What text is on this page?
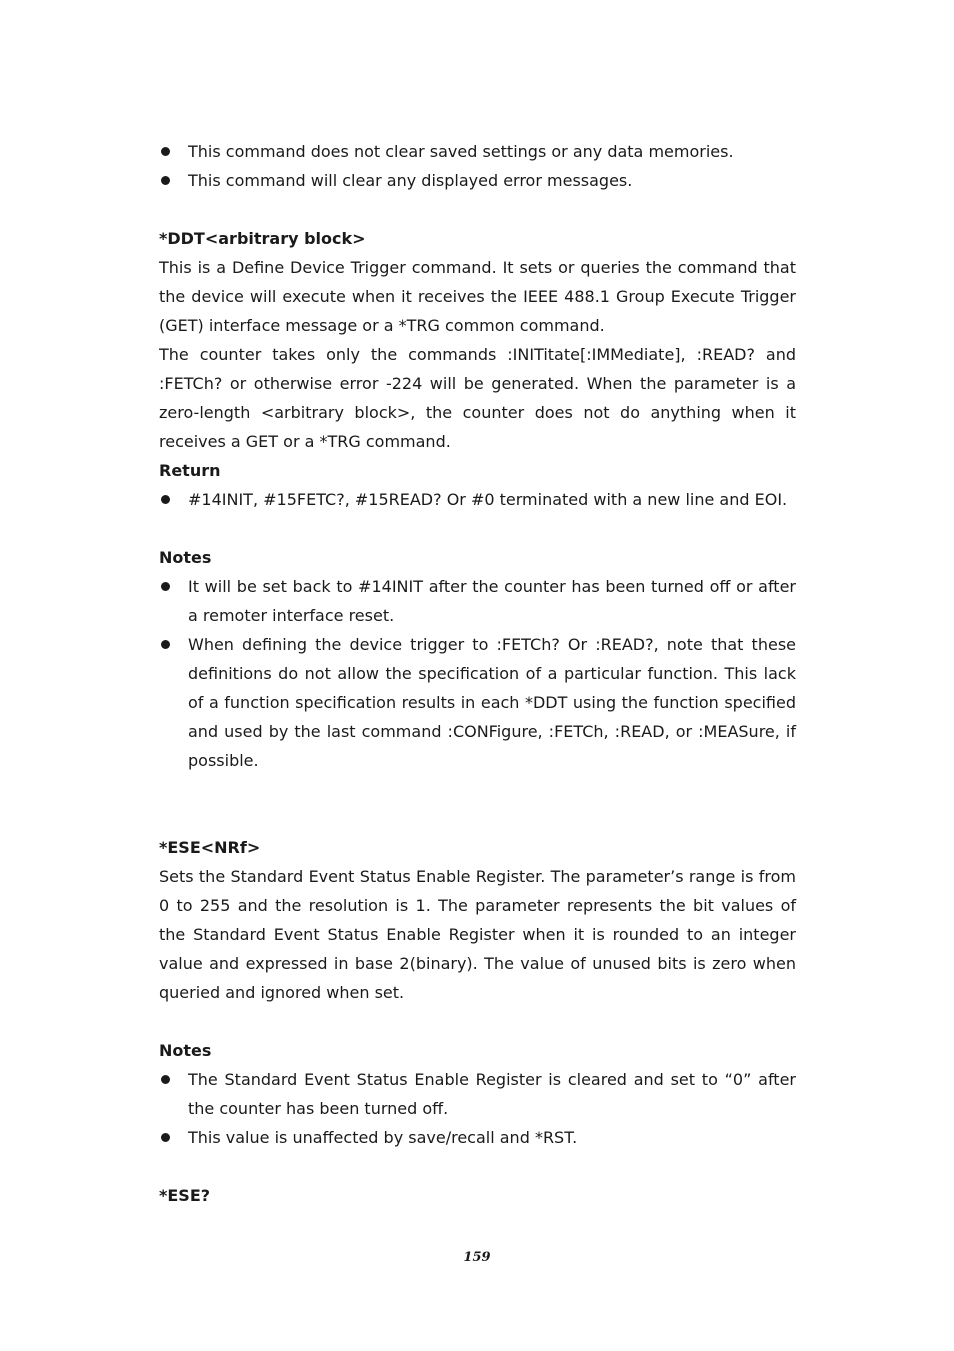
This command does not clear saved settings or any data memories.
This command will clear any displayed error messages.

*DDT<arbitrary block>

This is a Define Device Trigger command. It sets or queries the command that the device will execute when it receives the IEEE 488.1 Group Execute Trigger (GET) interface message or a *TRG common command.

The counter takes only the commands :INITitate[:IMMediate], :READ? and :FETCh? or otherwise error -224 will be generated. When the parameter is a zero-length <arbitrary block>, the counter does not do anything when it receives a GET or a *TRG command.

Return

#14INIT, #15FETC?, #15READ? Or #0 terminated with a new line and EOI.

Notes

It will be set back to #14INIT after the counter has been turned off or after a remoter interface reset.
When defining the device trigger to :FETCh? Or :READ?, note that these definitions do not allow the specification of a particular function. This lack of a function specification results in each *DDT using the function specified and used by the last command :CONFigure, :FETCh, :READ, or :MEASure, if possible.

*ESE<NRf>

Sets the Standard Event Status Enable Register. The parameter’s range is from 0 to 255 and the resolution is 1. The parameter represents the bit values of the Standard Event Status Enable Register when it is rounded to an integer value and expressed in base 2(binary). The value of unused bits is zero when queried and ignored when set.

Notes

The Standard Event Status Enable Register is cleared and set to “0” after the counter has been turned off.
This value is unaffected by save/recall and *RST.

*ESE?

159
